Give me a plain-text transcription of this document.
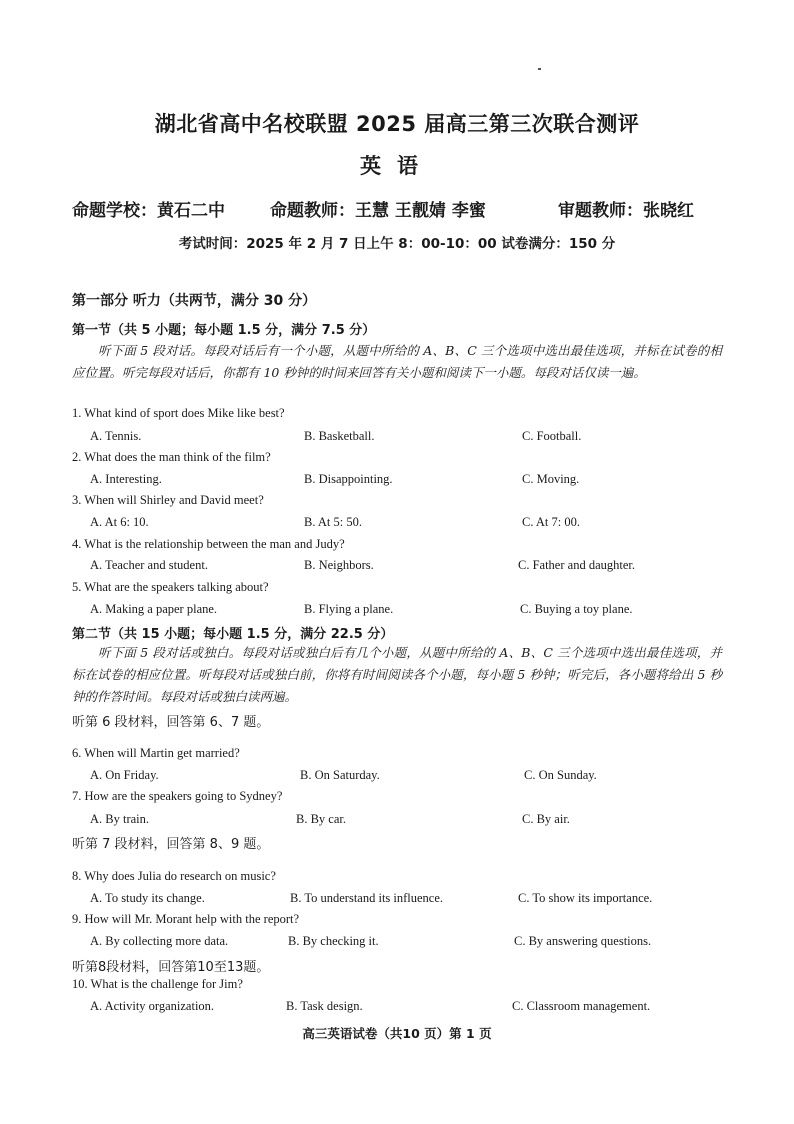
湖北省高中名校联盟 2025 届高三第三次联合测评
英语
命题学校：黄石二中	命题教师：王慧 王靓婧 李蜜	审题教师：张晓红
考试时间：2025 年 2 月 7 日上午 8：00-10：00 试卷满分：150 分
第一部分 听力（共两节，满分 30 分）
第一节（共 5 小题；每小题 1.5 分，满分 7.5 分）
听下面 5 段对话。每段对话后有一个小题，从题中所给的 A、B、C 三个选项中选出最佳选项，并标在试卷的相应位置。听完每段对话后，你都有 10 秒钟的时间来回答有关小题和阅读下一小题。每段对话仅读一遍。
1. What kind of sport does Mike like best?
A. Tennis.	B. Basketball.	C. Football.
2. What does the man think of the film?
A. Interesting.	B. Disappointing.	C. Moving.
3. When will Shirley and David meet?
A. At 6: 10.	B. At 5: 50.	C. At 7: 00.
4. What is the relationship between the man and Judy?
A. Teacher and student.	B. Neighbors.	C. Father and daughter.
5. What are the speakers talking about?
A. Making a paper plane.	B. Flying a plane.	C. Buying a toy plane.
第二节（共 15 小题；每小题 1.5 分，满分 22.5 分）
听下面 5 段对话或独白。每段对话或独白后有几个小题，从题中所给的 A、B、C 三个选项中选出最佳选项，并标在试卷的相应位置。听每段对话或独白前，你将有时间阅读各个小题，每小题 5 秒钟；听完后，各小题将给出 5 秒钟的作答时间。每段对话或独白读两遍。
听第 6 段材料，回答第 6、7 题。
6. When will Martin get married?
A. On Friday.	B. On Saturday.	C. On Sunday.
7. How are the speakers going to Sydney?
A. By train.	B. By car.	C. By air.
听第 7 段材料，回答第 8、9 题。
8. Why does Julia do research on music?
A. To study its change.	B. To understand its influence.	C. To show its importance.
9. How will Mr. Morant help with the report?
A. By collecting more data.	B. By checking it.	C. By answering questions.
听第8段材料，回答第10至13题。
10. What is the challenge for Jim?
A. Activity organization.	B. Task design.	C. Classroom management.
高三英语试卷（共10 页）第 1 页
